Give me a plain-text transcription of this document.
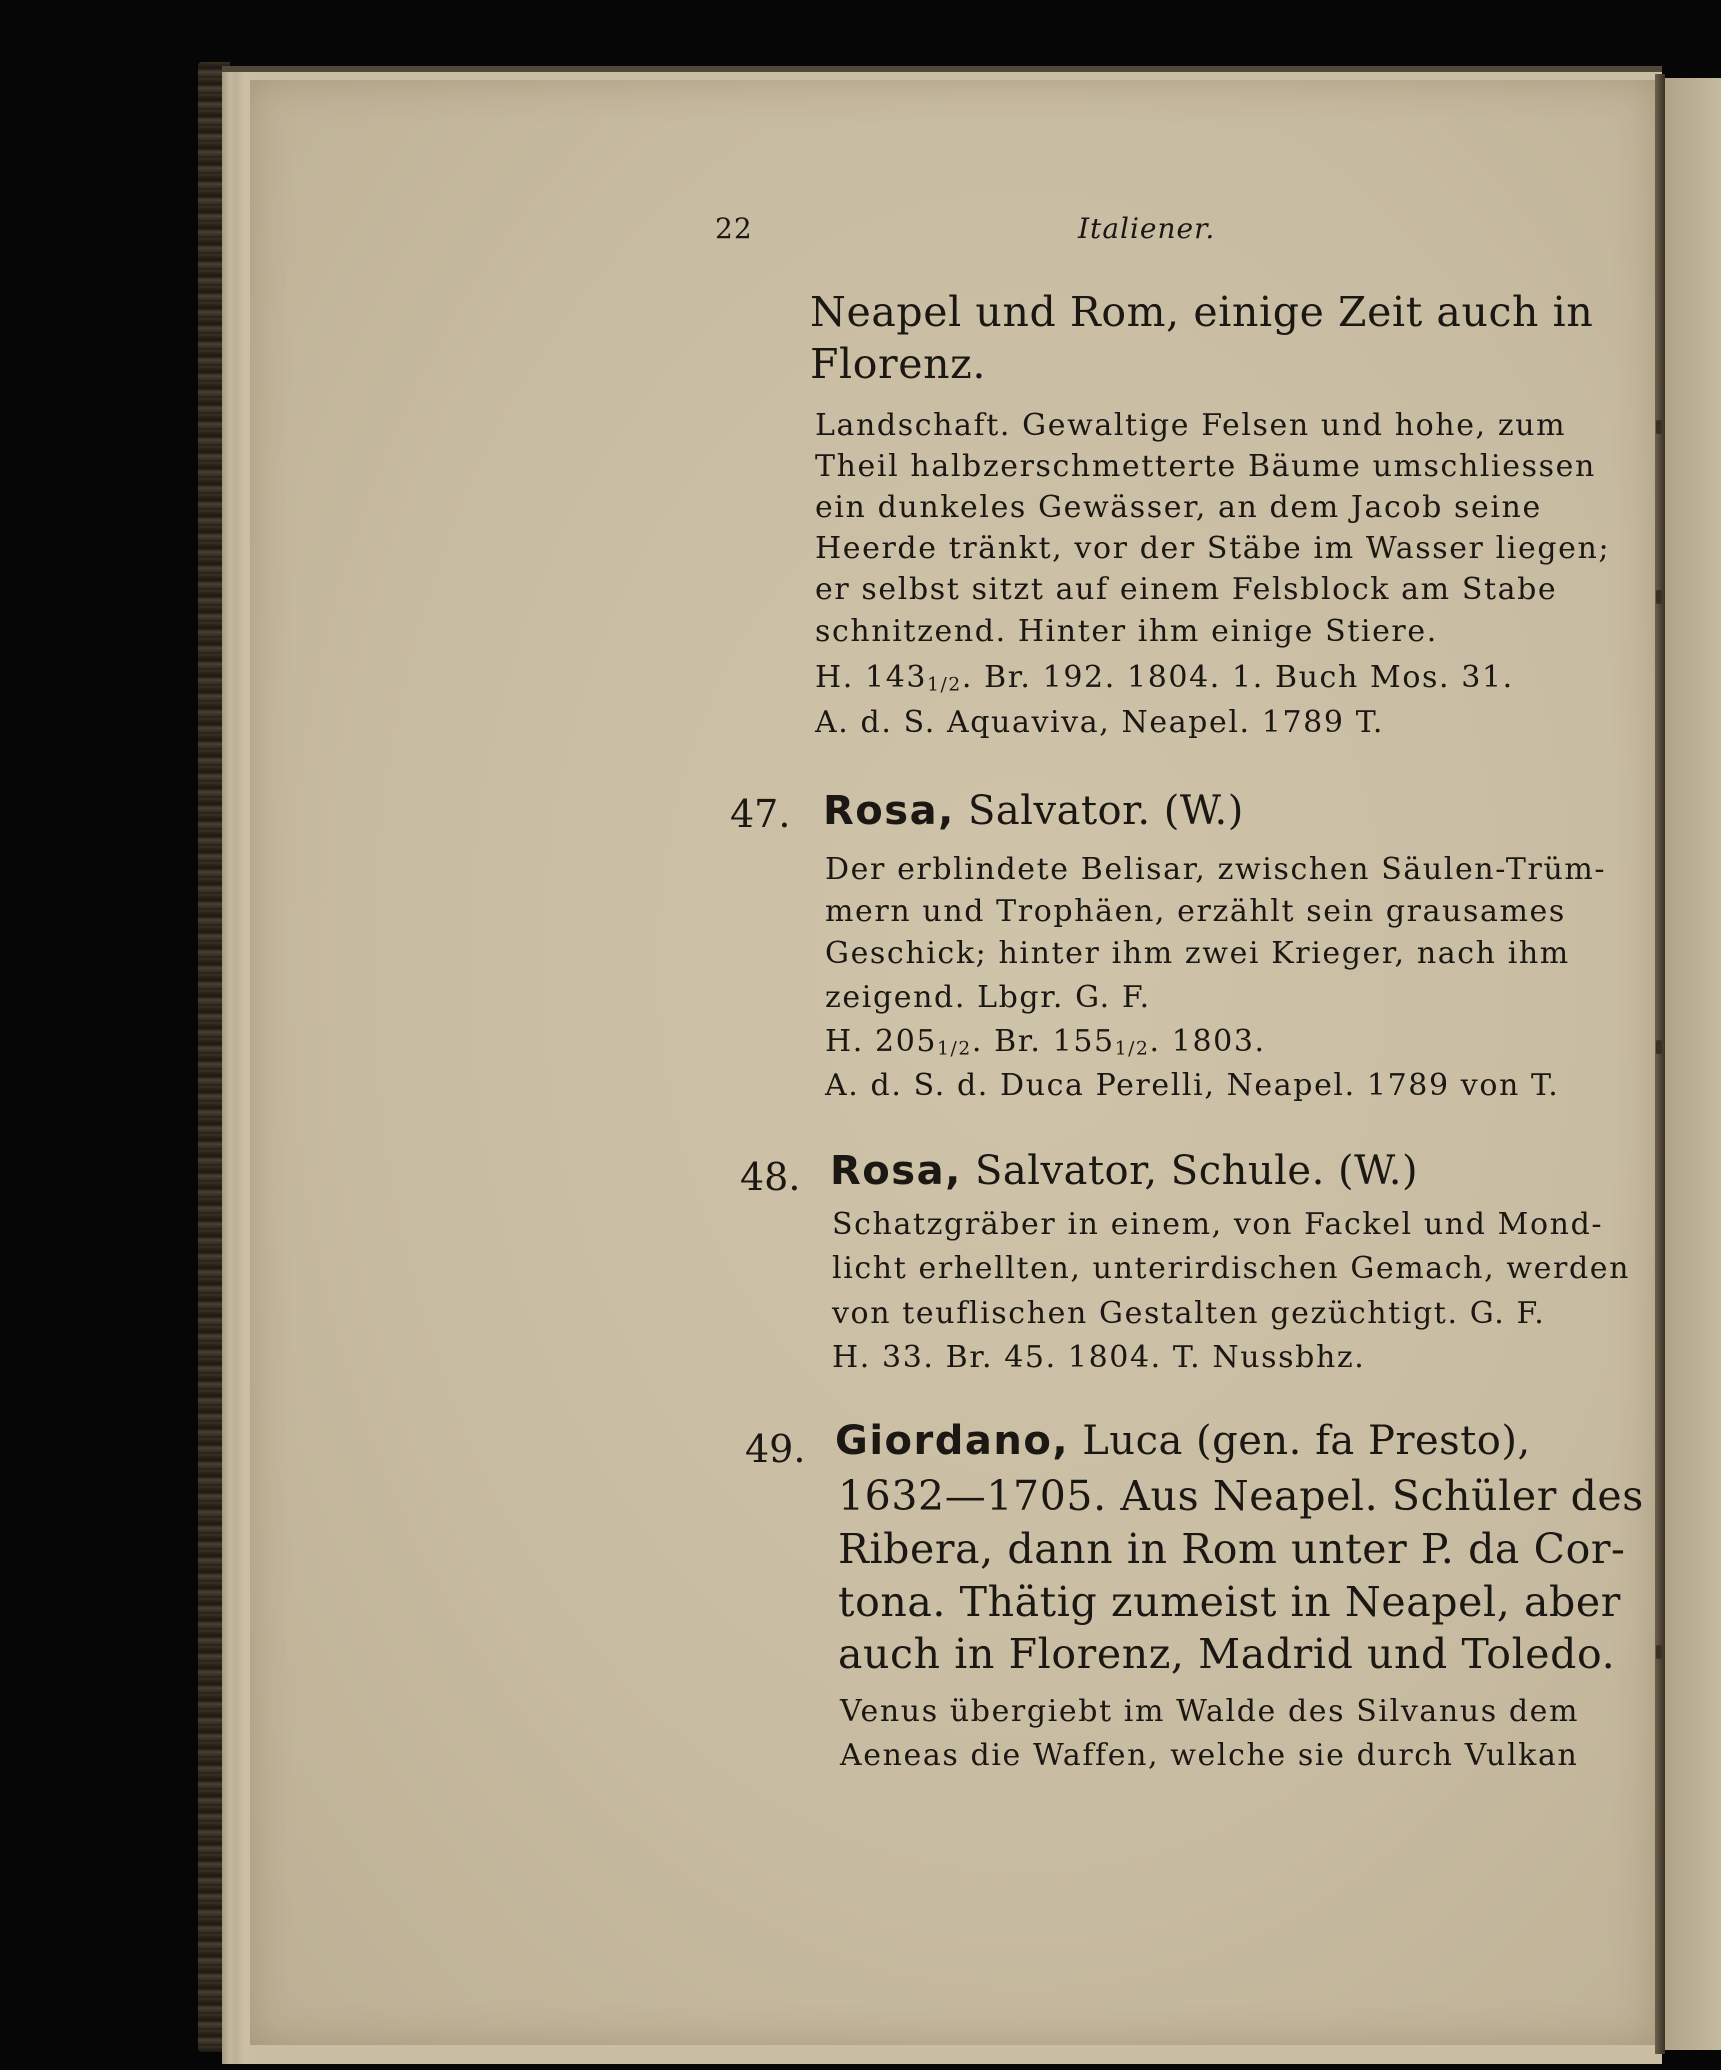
22	Italiener.
Neapel und Rom, einige Zeit auch in
Florenz.
Landschaft. Gewaltige Felsen und hohe, zum
Theil halbzerschmetterte Bäume umschliessen
ein dunkeles Gewässer, an dem Jacob seine
Heerde tränkt, vor der Stäbe im Wasser liegen;
er selbst sitzt auf einem Felsblock am Stabe
schnitzend. Hinter ihm einige Stiere.
H. 1431/2. Br. 192. 1804. 1. Buch Mos. 31.
A. d. S. Aquaviva, Neapel. 1789 T.
47. Rosa, Salvator. (W.)
Der erblindete Belisar, zwischen Säulen-Trüm-
mern und Trophäen, erzählt sein grausames
Geschick; hinter ihm zwei Krieger, nach ihm
zeigend. Lbgr. G. F.
H. 2051/2. Br. 1551/2. 1803.
A. d. S. d. Duca Perelli, Neapel. 1789 von T.
48. Rosa, Salvator, Schule. (W.)
Schatzgräber in einem, von Fackel und Mond-
licht erhellten, unterirdischen Gemach, werden
von teuflischen Gestalten gezüchtigt. G. F.
H. 33. Br. 45. 1804. T. Nussbhz.
49. Giordano, Luca (gen. fa Presto),
1632—1705. Aus Neapel. Schüler des
Ribera, dann in Rom unter P. da Cor-
tona. Thätig zumeist in Neapel, aber
auch in Florenz, Madrid und Toledo.
Venus übergiebt im Walde des Silvanus dem
Aeneas die Waffen, welche sie durch Vulkan
